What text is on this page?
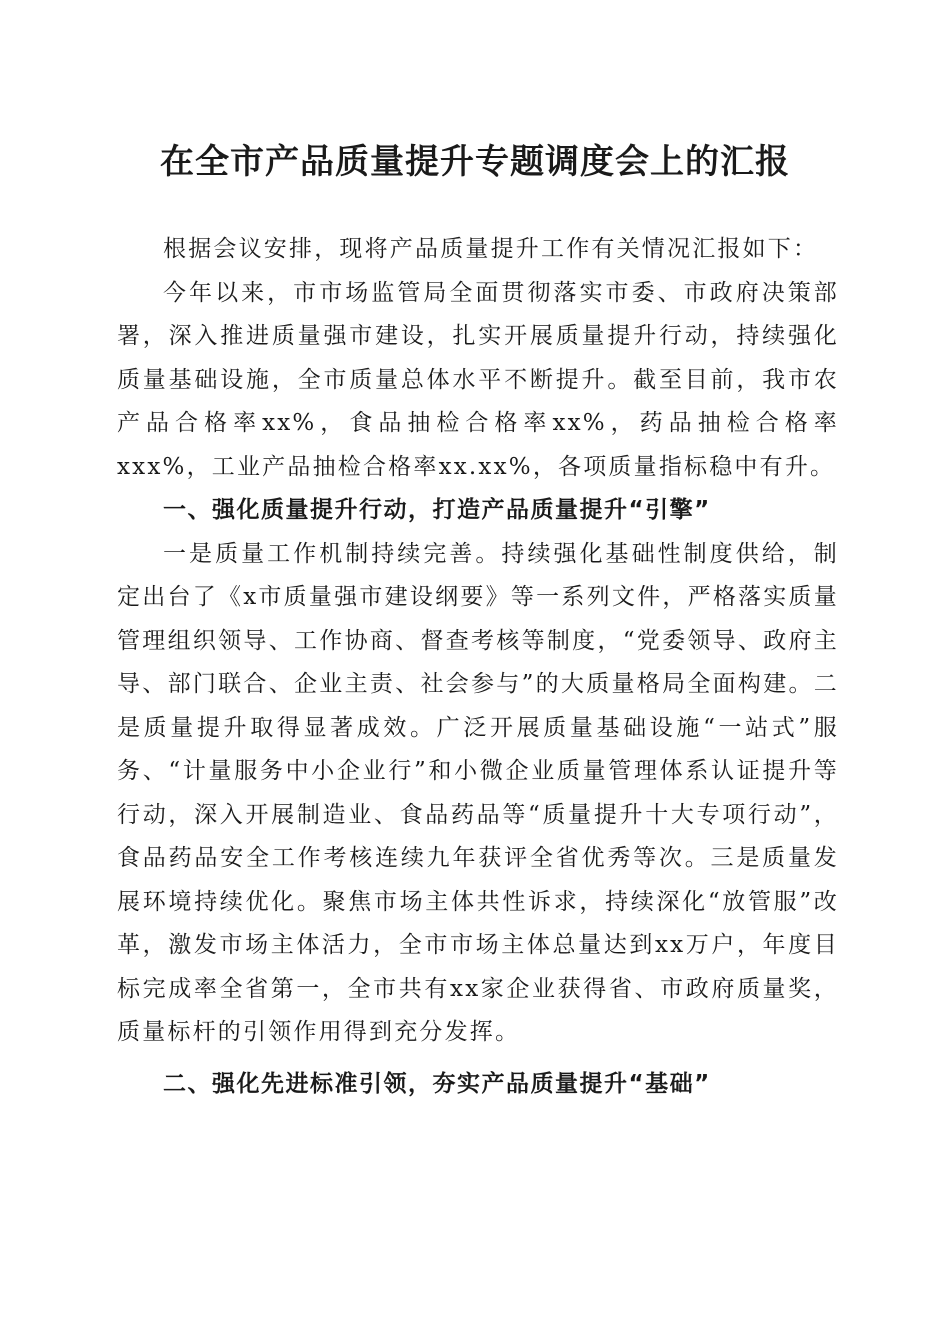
在全市产品质量提升专题调度会上的汇报

根据会议安排，现将产品质量提升工作有关情况汇报如下：

今年以来，市市场监管局全面贯彻落实市委、市政府决策部署，深入推进质量强市建设，扎实开展质量提升行动，持续强化质量基础设施，全市质量总体水平不断提升。截至目前，我市农产品合格率xx%，食品抽检合格率xx%，药品抽检合格率xxx%，工业产品抽检合格率xx.xx%，各项质量指标稳中有升。

一、强化质量提升行动，打造产品质量提升“引擎”

一是质量工作机制持续完善。持续强化基础性制度供给，制定出台了《x市质量强市建设纲要》等一系列文件，严格落实质量管理组织领导、工作协商、督查考核等制度，“党委领导、政府主导、部门联合、企业主责、社会参与”的大质量格局全面构建。二是质量提升取得显著成效。广泛开展质量基础设施“一站式”服务、“计量服务中小企业行”和小微企业质量管理体系认证提升等行动，深入开展制造业、食品药品等“质量提升十大专项行动”，食品药品安全工作考核连续九年获评全省优秀等次。三是质量发展环境持续优化。聚焦市场主体共性诉求，持续深化“放管服”改革，激发市场主体活力，全市市场主体总量达到xx万户，年度目标完成率全省第一，全市共有xx家企业获得省、市政府质量奖，质量标杆的引领作用得到充分发挥。

二、强化先进标准引领，夯实产品质量提升“基础”
